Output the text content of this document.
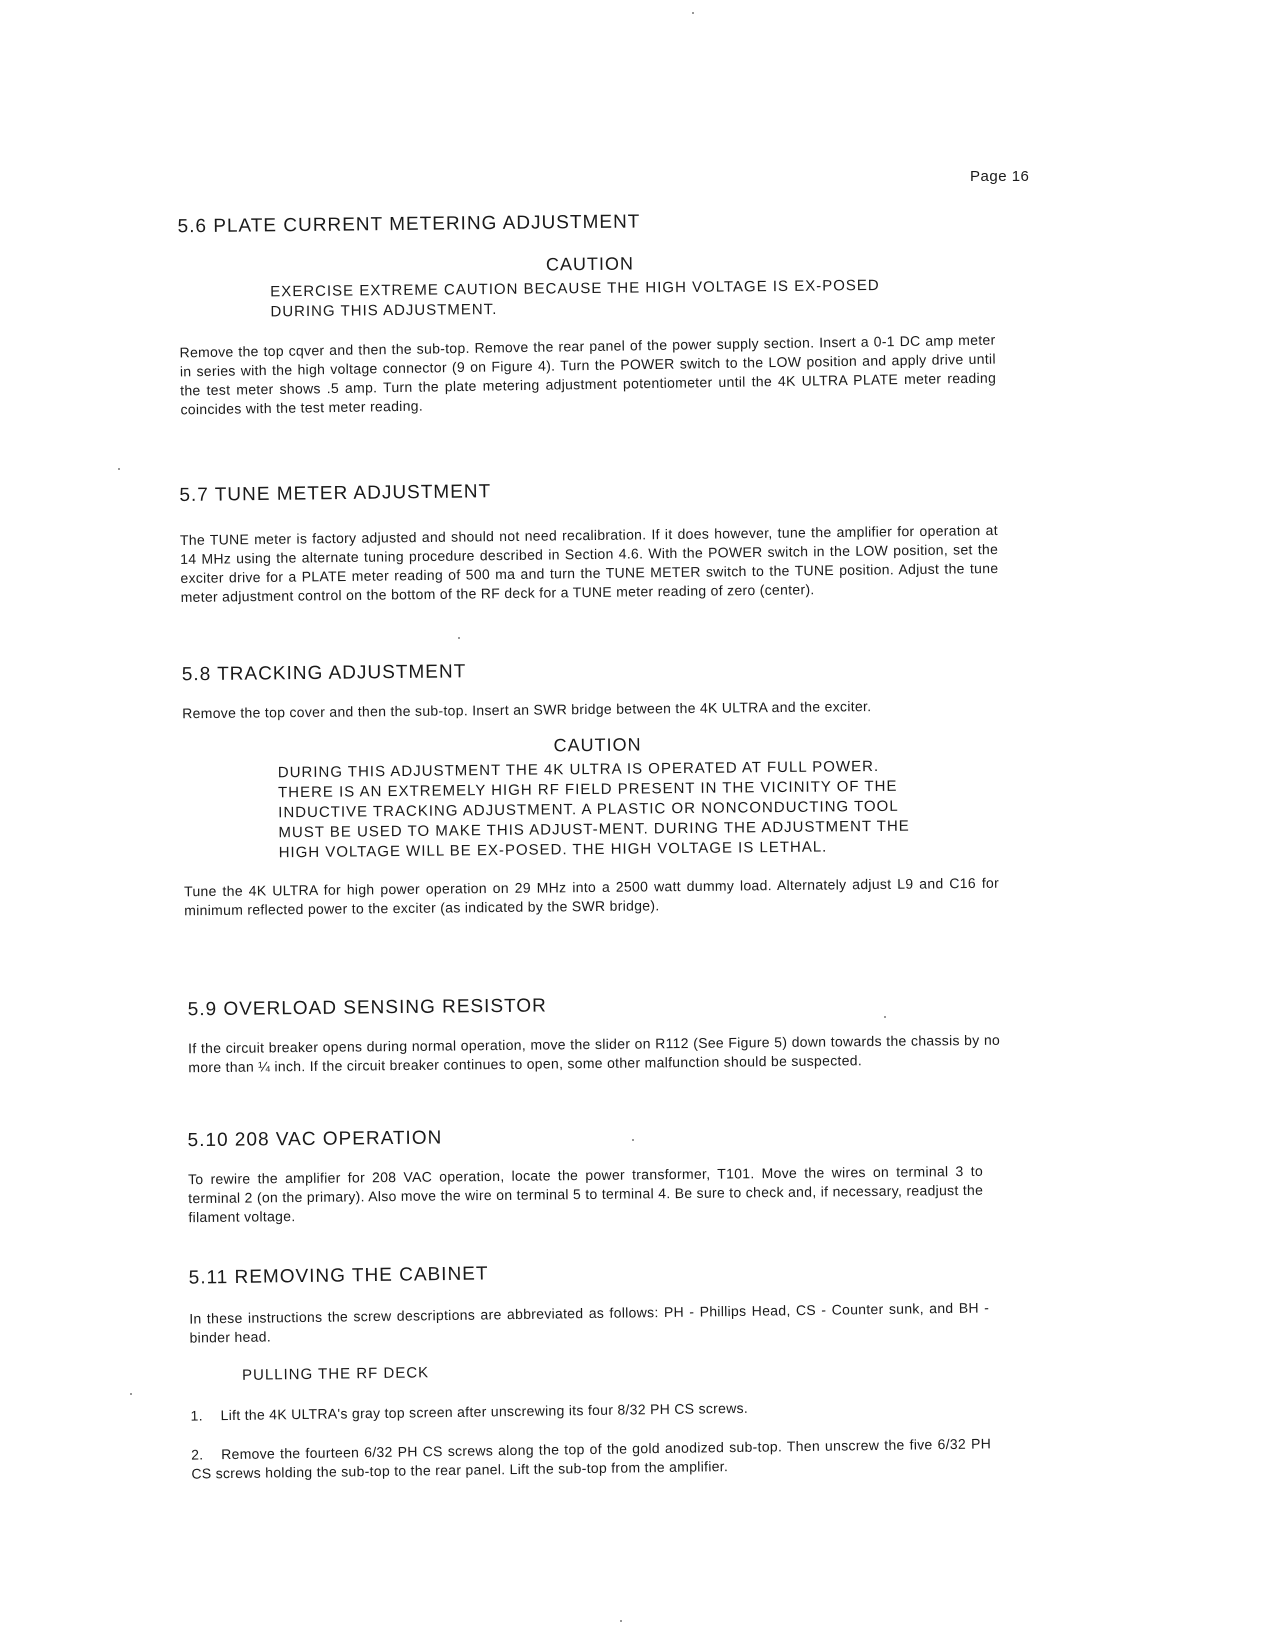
Page 16
5.6 PLATE CURRENT METERING ADJUSTMENT
CAUTION

EXERCISE EXTREME CAUTION BECAUSE THE HIGH VOLTAGE IS EX-POSED DURING THIS ADJUSTMENT.

Remove the top cqver and then the sub-top. Remove the rear panel of the power supply section. Insert a 0-1 DC amp meter in series with the high voltage connector (9 on Figure 4). Turn the POWER switch to the LOW position and apply drive until the test meter shows .5 amp. Turn the plate metering adjustment potentiometer until the 4K ULTRA PLATE meter reading coincides with the test meter reading.

5.7 TUNE METER ADJUSTMENT

The TUNE meter is factory adjusted and should not need recalibration. If it does however, tune the amplifier for operation at 14 MHz using the alternate tuning procedure described in Section 4.6. With the POWER switch in the LOW position, set the exciter drive for a PLATE meter reading of 500 ma and turn the TUNE METER switch to the TUNE position. Adjust the tune meter adjustment control on the bottom of the RF deck for a TUNE meter reading of zero (center).

5.8 TRACKING ADJUSTMENT

Remove the top cover and then the sub-top. Insert an SWR bridge between the 4K ULTRA and the exciter.

CAUTION

DURING THIS ADJUSTMENT THE 4K ULTRA IS OPERATED AT FULL POWER. THERE IS AN EXTREMELY HIGH RF FIELD PRESENT IN THE VICINITY OF THE INDUCTIVE TRACKING ADJUSTMENT. A PLASTIC OR NONCONDUCTING TOOL MUST BE USED TO MAKE THIS ADJUST-MENT. DURING THE ADJUSTMENT THE HIGH VOLTAGE WILL BE EX-POSED. THE HIGH VOLTAGE IS LETHAL.

Tune the 4K ULTRA for high power operation on 29 MHz into a 2500 watt dummy load. Alternately adjust L9 and C16 for minimum reflected power to the exciter (as indicated by the SWR bridge).

5.9 OVERLOAD SENSING RESISTOR

If the circuit breaker opens during normal operation, move the slider on R112 (See Figure 5) down towards the chassis by no more than ¼ inch. If the circuit breaker continues to open, some other malfunction should be suspected.

5.10 208 VAC OPERATION

To rewire the amplifier for 208 VAC operation, locate the power transformer, T101. Move the wires on terminal 3 to terminal 2 (on the primary). Also move the wire on terminal 5 to terminal 4. Be sure to check and, if necessary, readjust the filament voltage.

5.11 REMOVING THE CABINET

In these instructions the screw descriptions are abbreviated as follows: PH - Phillips Head, CS - Counter sunk, and BH - binder head.

PULLING THE RF DECK

1. Lift the 4K ULTRA's gray top screen after unscrewing its four 8/32 PH CS screws.

2. Remove the fourteen 6/32 PH CS screws along the top of the gold anodized sub-top. Then unscrew the five 6/32 PH CS screws holding the sub-top to the rear panel. Lift the sub-top from the amplifier.
